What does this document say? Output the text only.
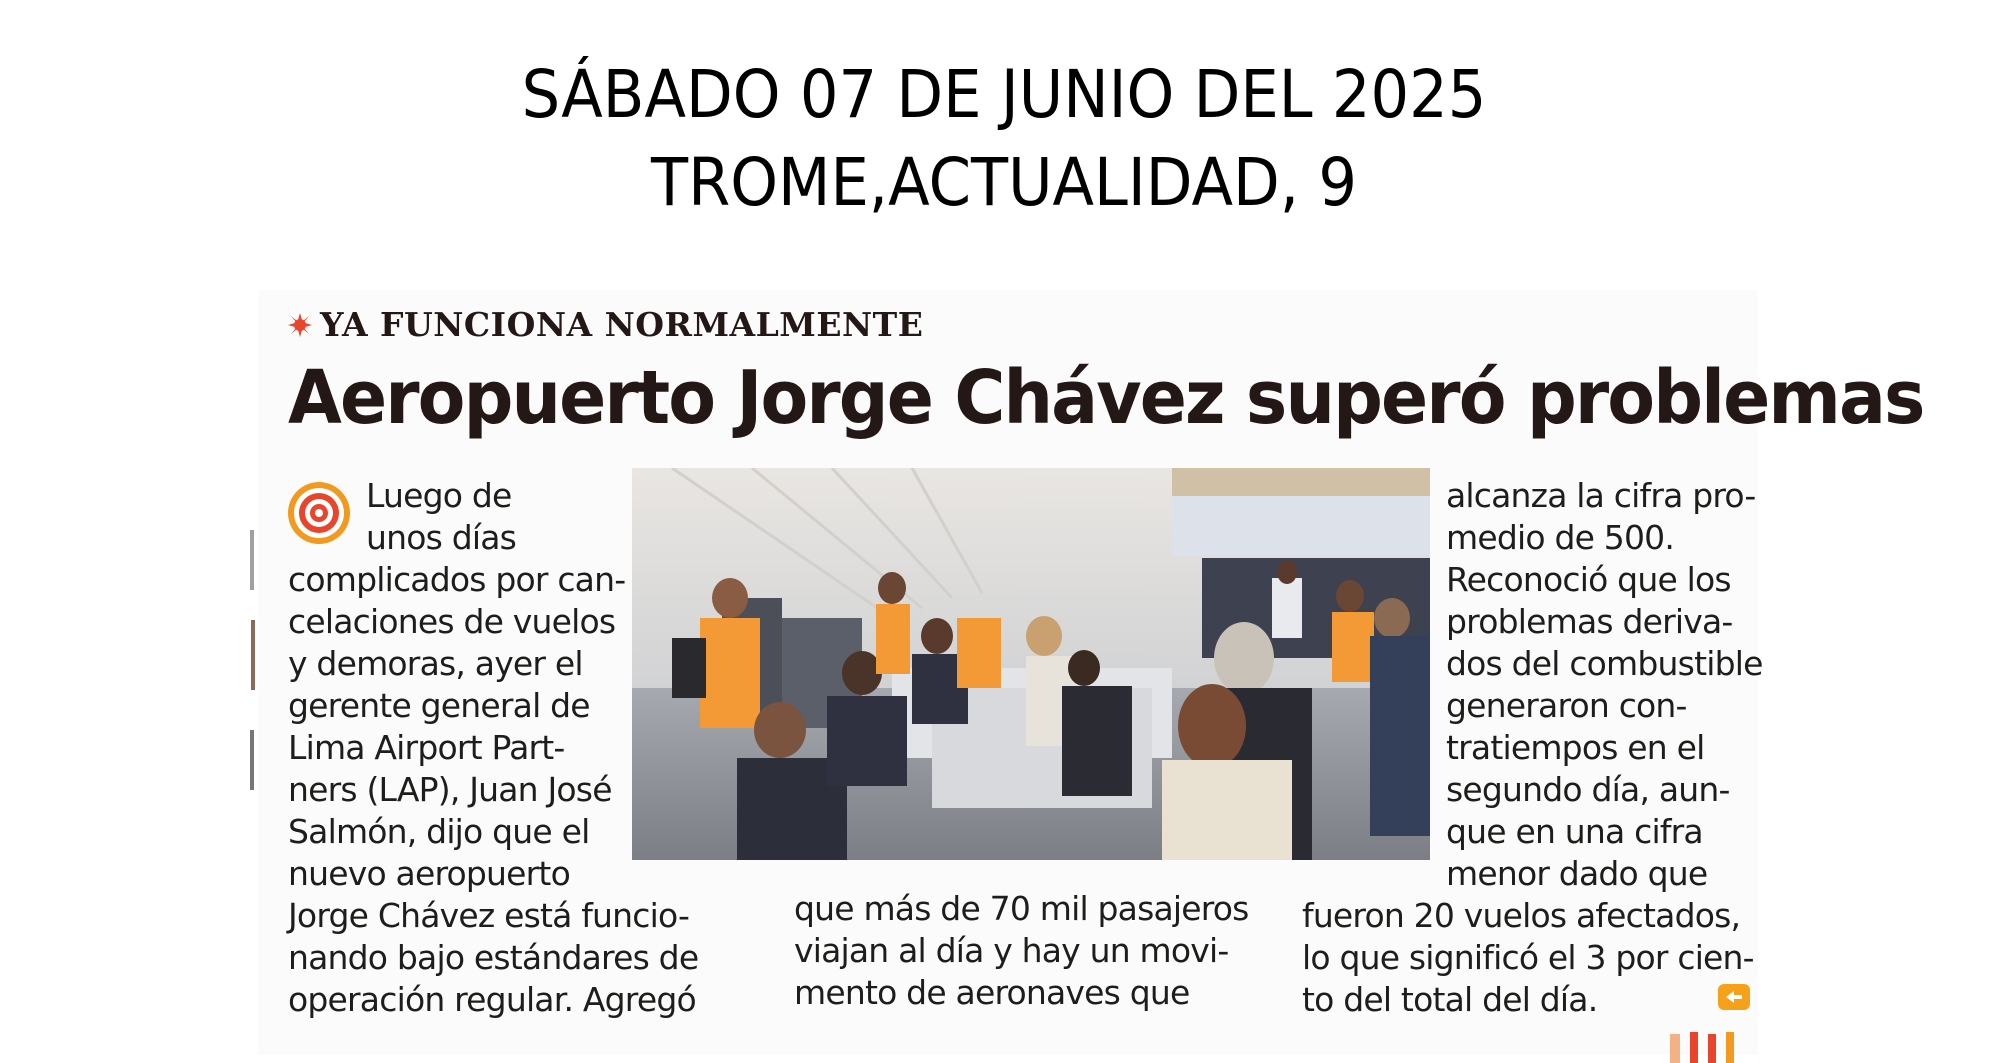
SÁBADO 07 DE JUNIO DEL 2025
TROME,ACTUALIDAD, 9
YA FUNCIONA NORMALMENTE
Aeropuerto Jorge Chávez superó problemas
Luego de
unos días
complicados por can-
celaciones de vuelos
y demoras, ayer el
gerente general de
Lima Airport Part-
ners (LAP), Juan José
Salmón, dijo que el
nuevo aeropuerto
Jorge Chávez está funcio-
nando bajo estándares de
operación regular. Agregó
que más de 70 mil pasajeros
viajan al día y hay un movi-
mento de aeronaves que
alcanza la cifra pro-
medio de 500.
Reconoció que los
problemas deriva-
dos del combustible
generaron con-
tratiempos en el
segundo día, aun-
que en una cifra
menor dado que
fueron 20 vuelos afectados,
lo que significó el 3 por cien-
to del total del día.
